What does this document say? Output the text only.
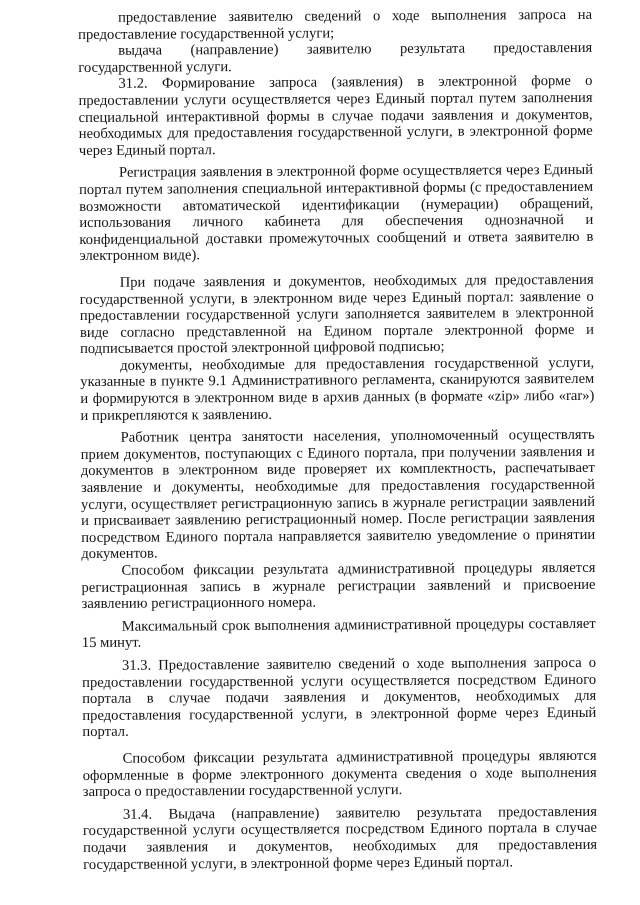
предоставление заявителю сведений о ходе выполнения запроса на предоставление государственной услуги;

выдача (направление) заявителю результата предоставления государственной услуги.

31.2. Формирование запроса (заявления) в электронной форме о предоставлении услуги осуществляется через Единый портал путем заполнения специальной интерактивной формы в случае подачи заявления и документов, необходимых для предоставления государственной услуги, в электронной форме через Единый портал.

Регистрация заявления в электронной форме осуществляется через Единый портал путем заполнения специальной интерактивной формы (с предоставлением возможности автоматической идентификации (нумерации) обращений, использования личного кабинета для обеспечения однозначной и конфиденциальной доставки промежуточных сообщений и ответа заявителю в электронном виде).

При подаче заявления и документов, необходимых для предоставления государственной услуги, в электронном виде через Единый портал: заявление о предоставлении государственной услуги заполняется заявителем в электронной виде согласно представленной на Едином портале электронной форме и подписывается простой электронной цифровой подписью;

документы, необходимые для предоставления государственной услуги, указанные в пункте 9.1 Административного регламента, сканируются заявителем и формируются в электронном виде в архив данных (в формате «zip» либо «rar») и прикрепляются к заявлению.

Работник центра занятости населения, уполномоченный осуществлять прием документов, поступающих с Единого портала, при получении заявления и документов в электронном виде проверяет их комплектность, распечатывает заявление и документы, необходимые для предоставления государственной услуги, осуществляет регистрационную запись в журнале регистрации заявлений и присваивает заявлению регистрационный номер. После регистрации заявления посредством Единого портала направляется заявителю уведомление о принятии документов.

Способом фиксации результата административной процедуры является регистрационная запись в журнале регистрации заявлений и присвоение заявлению регистрационного номера.

Максимальный срок выполнения административной процедуры составляет 15 минут.

31.3. Предоставление заявителю сведений о ходе выполнения запроса о предоставлении государственной услуги осуществляется посредством Единого портала в случае подачи заявления и документов, необходимых для предоставления государственной услуги, в электронной форме через Единый портал.

Способом фиксации результата административной процедуры являются оформленные в форме электронного документа сведения о ходе выполнения запроса о предоставлении государственной услуги.

31.4. Выдача (направление) заявителю результата предоставления государственной услуги осуществляется посредством Единого портала в случае подачи заявления и документов, необходимых для предоставления государственной услуги, в электронной форме через Единый портал.
